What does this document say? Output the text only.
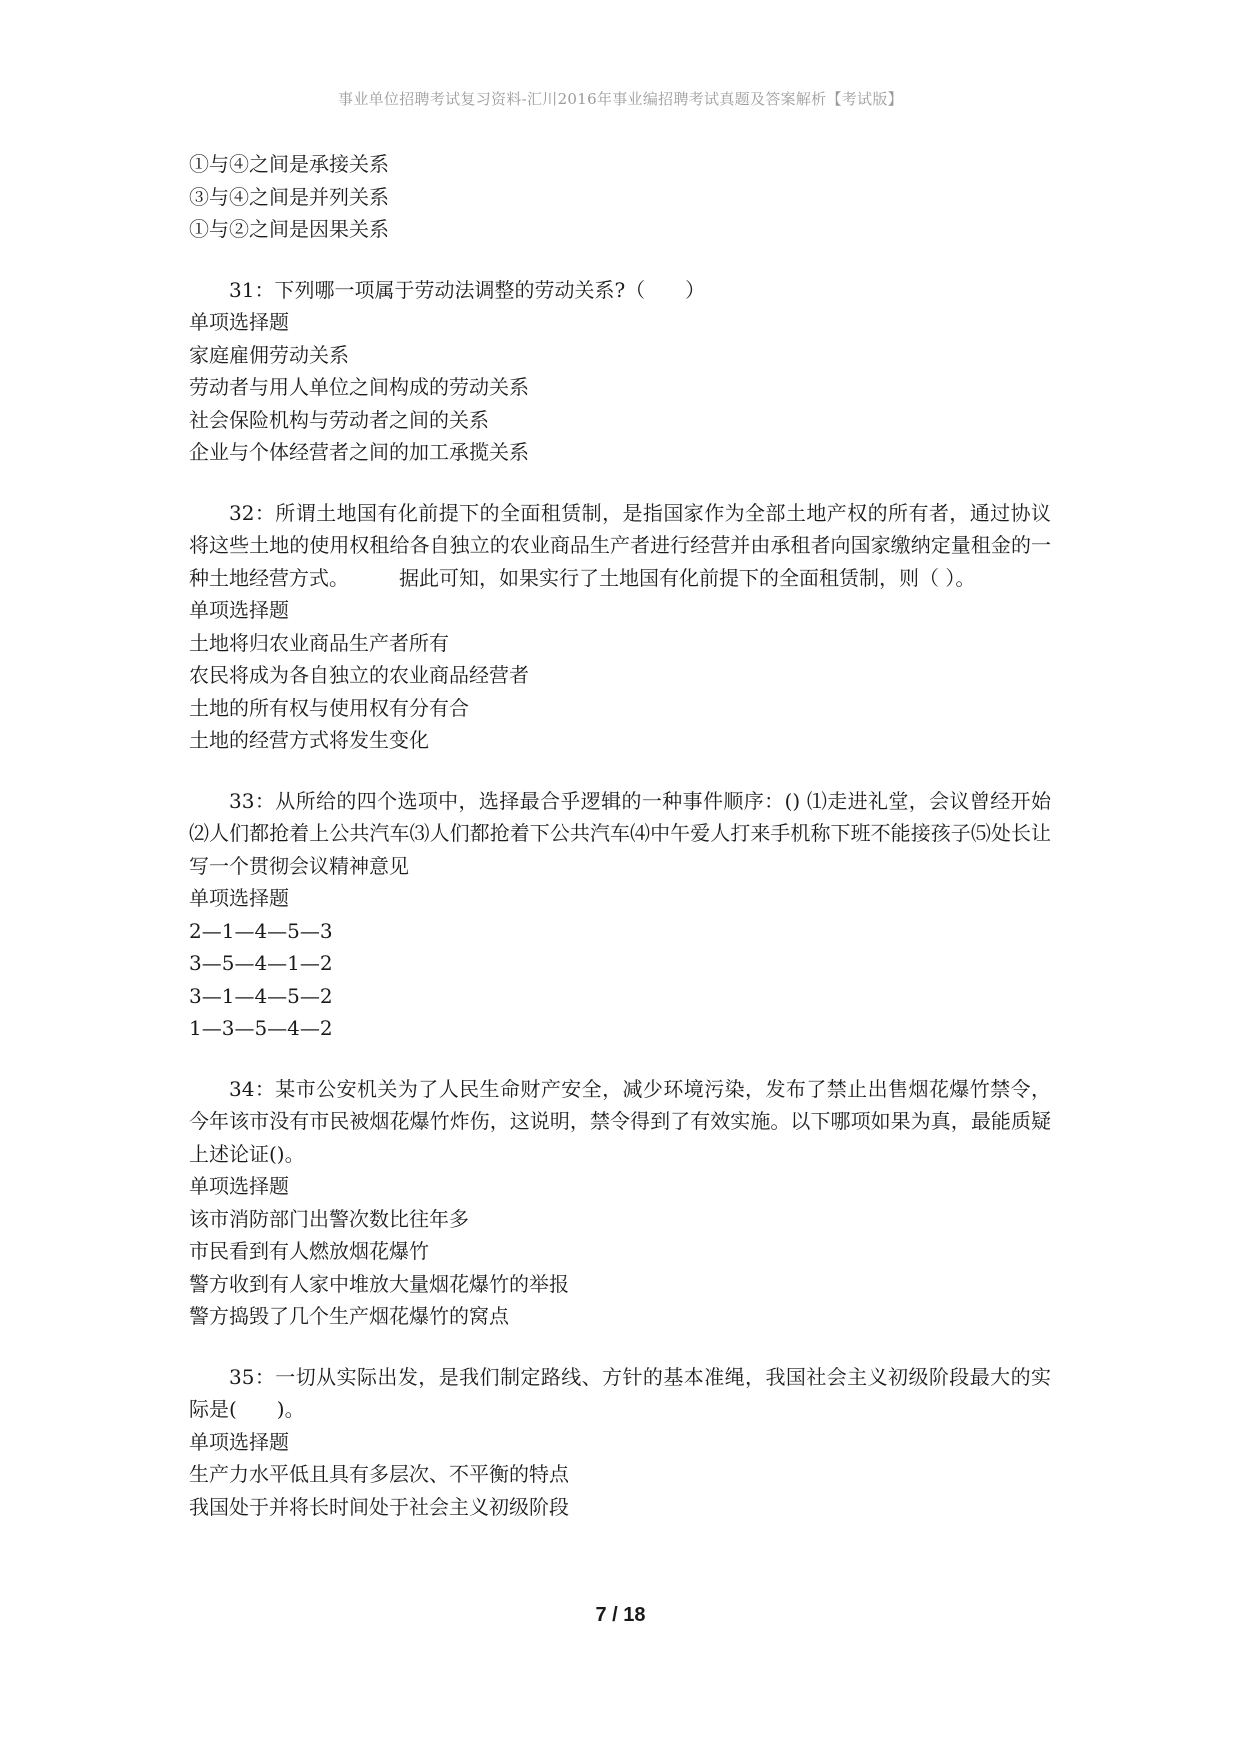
事业单位招聘考试复习资料-汇川2016年事业编招聘考试真题及答案解析【考试版】
①与④之间是承接关系
③与④之间是并列关系
①与②之间是因果关系
31：下列哪一项属于劳动法调整的劳动关系?（　　）
单项选择题
家庭雇佣劳动关系
劳动者与用人单位之间构成的劳动关系
社会保险机构与劳动者之间的关系
企业与个体经营者之间的加工承揽关系
32：所谓土地国有化前提下的全面租赁制，是指国家作为全部土地产权的所有者，通过协议将这些土地的使用权租给各自独立的农业商品生产者进行经营并由承租者向国家缴纳定量租金的一种土地经营方式。　　　据此可知，如果实行了土地国有化前提下的全面租赁制，则（ ）。
单项选择题
土地将归农业商品生产者所有
农民将成为各自独立的农业商品经营者
土地的所有权与使用权有分有合
土地的经营方式将发生变化
33：从所给的四个选项中，选择最合乎逻辑的一种事件顺序：() ⑴走进礼堂，会议曾经开始⑵人们都抢着上公共汽车⑶人们都抢着下公共汽车⑷中午爱人打来手机称下班不能接孩子⑸处长让写一个贯彻会议精神意见
单项选择题
2—1—4—5—3
3—5—4—1—2
3—1—4—5—2
1—3—5—4—2
34：某市公安机关为了人民生命财产安全，减少环境污染，发布了禁止出售烟花爆竹禁令，今年该市没有市民被烟花爆竹炸伤，这说明，禁令得到了有效实施。以下哪项如果为真，最能质疑上述论证()。
单项选择题
该市消防部门出警次数比往年多
市民看到有人燃放烟花爆竹
警方收到有人家中堆放大量烟花爆竹的举报
警方捣毁了几个生产烟花爆竹的窝点
35：一切从实际出发，是我们制定路线、方针的基本准绳，我国社会主义初级阶段最大的实际是(　　)。
单项选择题
生产力水平低且具有多层次、不平衡的特点
我国处于并将长时间处于社会主义初级阶段
7 / 18
